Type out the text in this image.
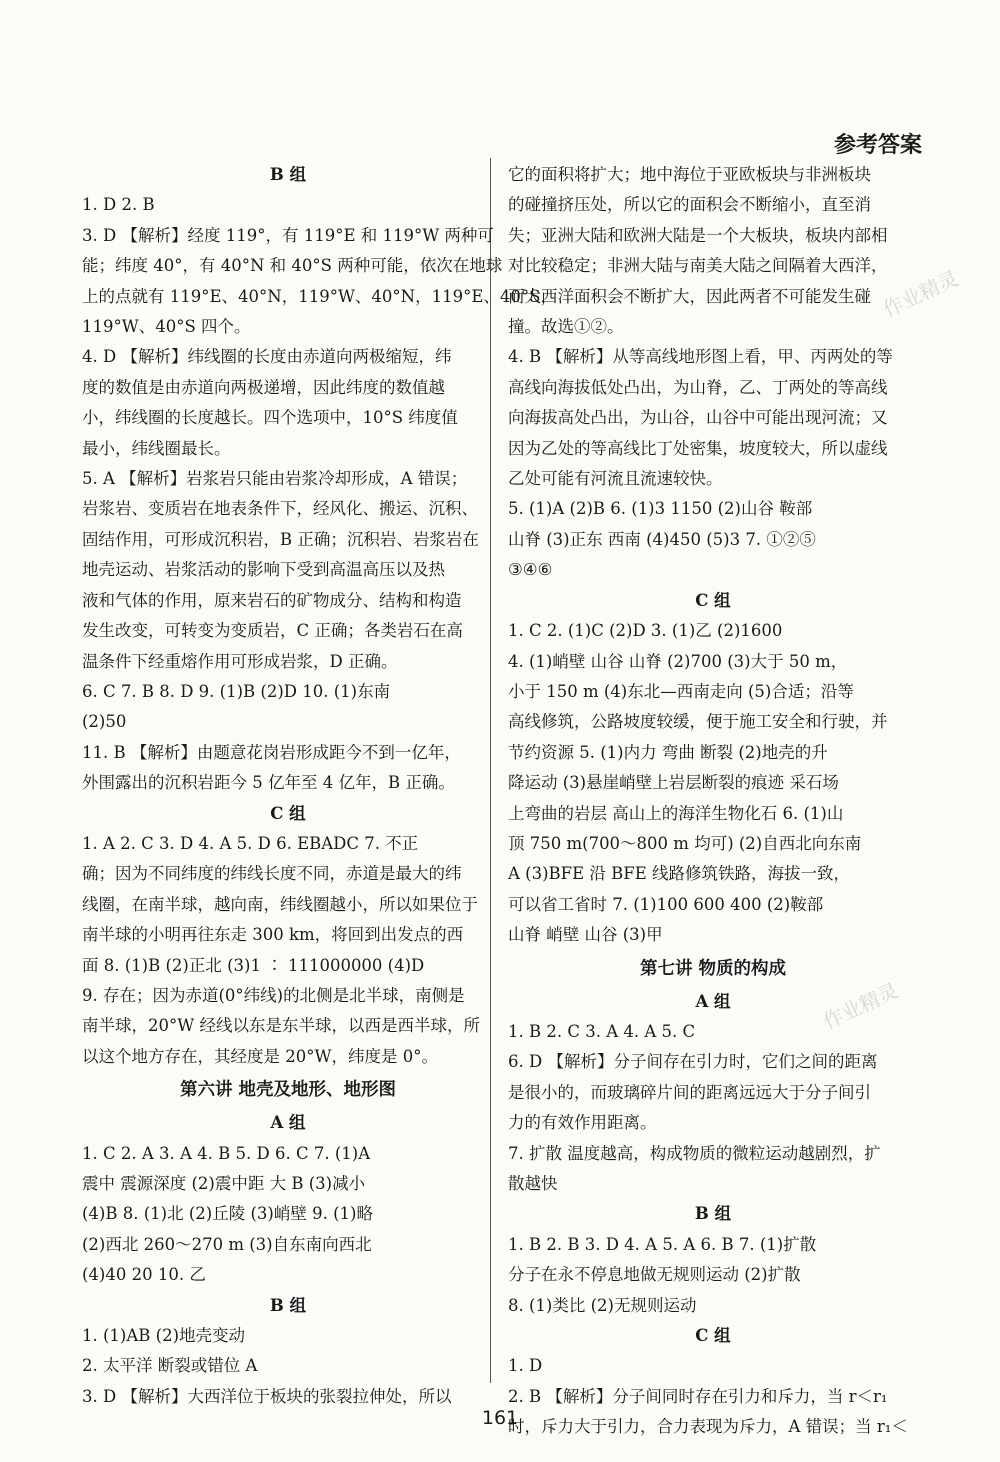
参考答案
B 组
1. D 2. B
3. D 【解析】经度 119°，有 119°E 和 119°W 两种可
能；纬度 40°，有 40°N 和 40°S 两种可能，依次在地球
上的点就有 119°E、40°N，119°W、40°N，119°E、40°S，
119°W、40°S 四个。
4. D 【解析】纬线圈的长度由赤道向两极缩短，纬
度的数值是由赤道向两极递增，因此纬度的数值越
小，纬线圈的长度越长。四个选项中，10°S 纬度值
最小，纬线圈最长。
5. A 【解析】岩浆岩只能由岩浆冷却形成，A 错误；
岩浆岩、变质岩在地表条件下，经风化、搬运、沉积、
固结作用，可形成沉积岩，B 正确；沉积岩、岩浆岩在
地壳运动、岩浆活动的影响下受到高温高压以及热
液和气体的作用，原来岩石的矿物成分、结构和构造
发生改变，可转变为变质岩，C 正确；各类岩石在高
温条件下经重熔作用可形成岩浆，D 正确。
6. C 7. B 8. D 9. (1)B (2)D 10. (1)东南
(2)50
11. B 【解析】由题意花岗岩形成距今不到一亿年，
外围露出的沉积岩距今 5 亿年至 4 亿年，B 正确。
C 组
1. A 2. C 3. D 4. A 5. D 6. EBADC 7. 不正
确；因为不同纬度的纬线长度不同，赤道是最大的纬
线圈，在南半球，越向南，纬线圈越小，所以如果位于
南半球的小明再往东走 300 km，将回到出发点的西
面 8. (1)B (2)正北 (3)1 ∶ 111000000 (4)D
9. 存在；因为赤道(0°纬线)的北侧是北半球，南侧是
南半球，20°W 经线以东是东半球，以西是西半球，所
以这个地方存在，其经度是 20°W，纬度是 0°。
第六讲 地壳及地形、地形图
A 组
1. C 2. A 3. A 4. B 5. D 6. C 7. (1)A
震中 震源深度 (2)震中距 大 B (3)减小
(4)B 8. (1)北 (2)丘陵 (3)峭壁 9. (1)略
(2)西北 260～270 m (3)自东南向西北
(4)40 20 10. 乙
B 组
1. (1)AB (2)地壳变动
2. 太平洋 断裂或错位 A
3. D 【解析】大西洋位于板块的张裂拉伸处，所以
它的面积将扩大；地中海位于亚欧板块与非洲板块
的碰撞挤压处，所以它的面积会不断缩小，直至消
失；亚洲大陆和欧洲大陆是一个大板块，板块内部相
对比较稳定；非洲大陆与南美大陆之间隔着大西洋，
而大西洋面积会不断扩大，因此两者不可能发生碰
撞。故选①②。
4. B 【解析】从等高线地形图上看，甲、丙两处的等
高线向海拔低处凸出，为山脊，乙、丁两处的等高线
向海拔高处凸出，为山谷，山谷中可能出现河流；又
因为乙处的等高线比丁处密集，坡度较大，所以虚线
乙处可能有河流且流速较快。
5. (1)A (2)B 6. (1)3 1150 (2)山谷 鞍部
山脊 (3)正东 西南 (4)450 (5)3 7. ①②⑤
③④⑥
C 组
1. C 2. (1)C (2)D 3. (1)乙 (2)1600
4. (1)峭壁 山谷 山脊 (2)700 (3)大于 50 m，
小于 150 m (4)东北—西南走向 (5)合适；沿等
高线修筑，公路坡度较缓，便于施工安全和行驶，并
节约资源 5. (1)内力 弯曲 断裂 (2)地壳的升
降运动 (3)悬崖峭壁上岩层断裂的痕迹 采石场
上弯曲的岩层 高山上的海洋生物化石 6. (1)山
顶 750 m(700～800 m 均可) (2)自西北向东南
A (3)BFE 沿 BFE 线路修筑铁路，海拔一致，
可以省工省时 7. (1)100 600 400 (2)鞍部
山脊 峭壁 山谷 (3)甲
第七讲 物质的构成
A 组
1. B 2. C 3. A 4. A 5. C
6. D 【解析】分子间存在引力时，它们之间的距离
是很小的，而玻璃碎片间的距离远远大于分子间引
力的有效作用距离。
7. 扩散 温度越高，构成物质的微粒运动越剧烈，扩
散越快
B 组
1. B 2. B 3. D 4. A 5. A 6. B 7. (1)扩散
分子在永不停息地做无规则运动 (2)扩散
8. (1)类比 (2)无规则运动
C 组
1. D
2. B 【解析】分子间同时存在引力和斥力，当 r＜r₁
时，斥力大于引力，合力表现为斥力，A 错误；当 r₁＜
作业精灵
作业精灵
161
